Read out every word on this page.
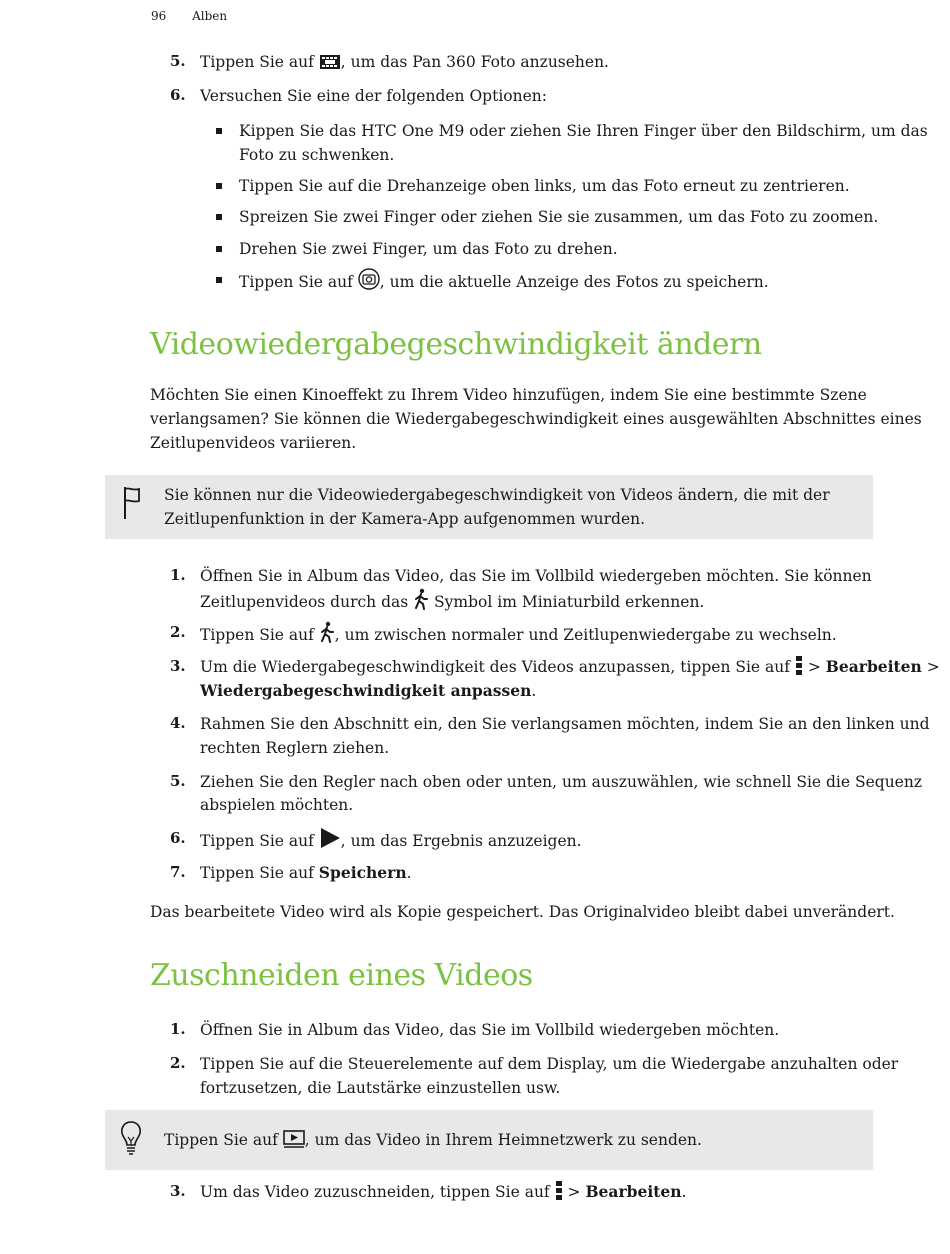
96 Alben
5. Tippen Sie auf , um das Pan 360 Foto anzusehen.
6. Versuchen Sie eine der folgenden Optionen:
Kippen Sie das HTC One M9 oder ziehen Sie Ihren Finger über den Bildschirm, um das
Foto zu schwenken.
Tippen Sie auf die Drehanzeige oben links, um das Foto erneut zu zentrieren.
Spreizen Sie zwei Finger oder ziehen Sie sie zusammen, um das Foto zu zoomen.
Drehen Sie zwei Finger, um das Foto zu drehen.
Tippen Sie auf , um die aktuelle Anzeige des Fotos zu speichern.
Videowiedergabegeschwindigkeit ändern
Möchten Sie einen Kinoeffekt zu Ihrem Video hinzufügen, indem Sie eine bestimmte Szene
verlangsamen? Sie können die Wiedergabegeschwindigkeit eines ausgewählten Abschnittes eines
Zeitlupenvideos variieren.
Sie können nur die Videowiedergabegeschwindigkeit von Videos ändern, die mit der
Zeitlupenfunktion in der Kamera-App aufgenommen wurden.
1. Öffnen Sie in Album das Video, das Sie im Vollbild wiedergeben möchten. Sie können
Zeitlupenvideos durch das  Symbol im Miniaturbild erkennen.
2. Tippen Sie auf , um zwischen normaler und Zeitlupenwiedergabe zu wechseln.
3. Um die Wiedergabegeschwindigkeit des Videos anzupassen, tippen Sie auf  > Bearbeiten >
Wiedergabegeschwindigkeit anpassen.
4. Rahmen Sie den Abschnitt ein, den Sie verlangsamen möchten, indem Sie an den linken und
rechten Reglern ziehen.
5. Ziehen Sie den Regler nach oben oder unten, um auszuwählen, wie schnell Sie die Sequenz
abspielen möchten.
6. Tippen Sie auf , um das Ergebnis anzuzeigen.
7. Tippen Sie auf Speichern.
Das bearbeitete Video wird als Kopie gespeichert. Das Originalvideo bleibt dabei unverändert.
Zuschneiden eines Videos
1. Öffnen Sie in Album das Video, das Sie im Vollbild wiedergeben möchten.
2. Tippen Sie auf die Steuerelemente auf dem Display, um die Wiedergabe anzuhalten oder
fortzusetzen, die Lautstärke einzustellen usw.
Tippen Sie auf , um das Video in Ihrem Heimnetzwerk zu senden.
3. Um das Video zuzuschneiden, tippen Sie auf  > Bearbeiten.
